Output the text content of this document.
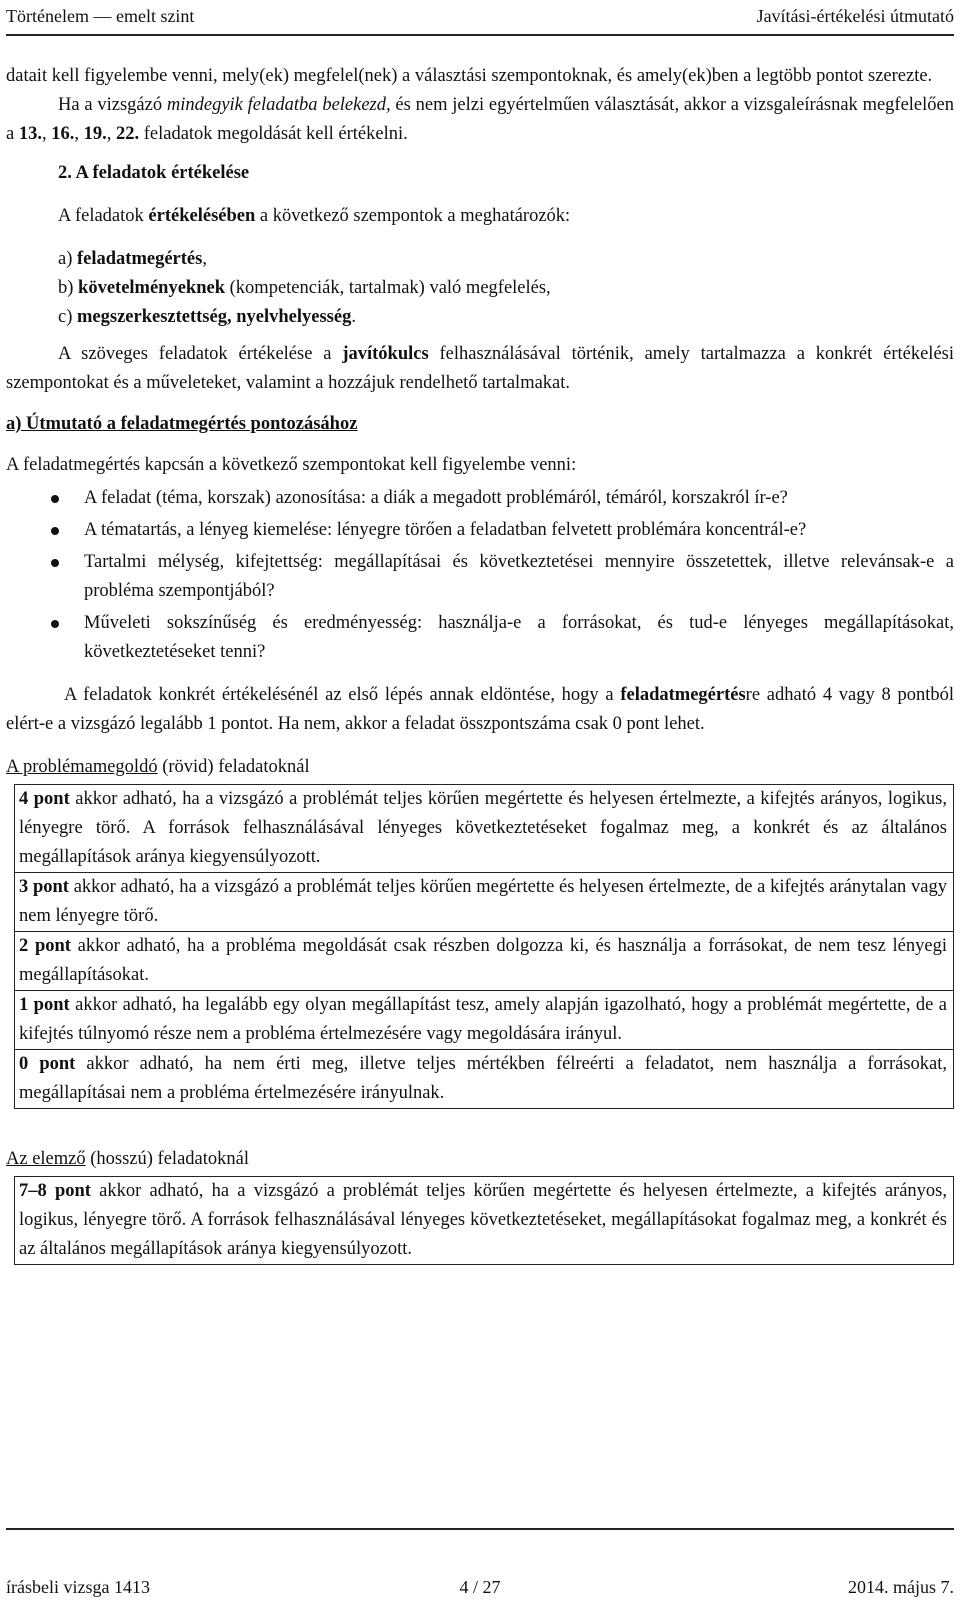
Történelem — emelt szint	Javítási-értékelési útmutató

datait kell figyelembe venni, mely(ek) megfelel(nek) a választási szempontoknak, és amely(ek)ben a legtöbb pontot szerezte.

Ha a vizsgázó mindegyik feladatba belekezd, és nem jelzi egyértelműen választását, akkor a vizsgaleírásnak megfelelően a 13., 16., 19., 22. feladatok megoldását kell értékelni.

2. A feladatok értékelése

A feladatok értékelésében a következő szempontok a meghatározók:

a) feladatmegértés,

b) követelményeknek (kompetenciák, tartalmak) való megfelelés,

c) megszerkesztettség, nyelvhelyesség.

A szöveges feladatok értékelése a javítókulcs felhasználásával történik, amely tartalmazza a konkrét értékelési szempontokat és a műveleteket, valamint a hozzájuk rendelhető tartalmakat.

a) Útmutató a feladatmegértés pontozásához

A feladatmegértés kapcsán a következő szempontokat kell figyelembe venni:

A feladat (téma, korszak) azonosítása: a diák a megadott problémáról, témáról, korszakról ír-e?
A tématartás, a lényeg kiemelése: lényegre törően a feladatban felvetett problémára koncentrál-e?
Tartalmi mélység, kifejtettség: megállapításai és következtetései mennyire összetettek, illetve relevánsak-e a probléma szempontjából?
Műveleti sokszínűség és eredményesség: használja-e a forrásokat, és tud-e lényeges megállapításokat, következtetéseket tenni?

A feladatok konkrét értékelésénél az első lépés annak eldöntése, hogy a feladatmegértésre adható 4 vagy 8 pontból elért-e a vizsgázó legalább 1 pontot. Ha nem, akkor a feladat összpontszáma csak 0 pont lehet.

A problémamegoldó (rövid) feladatoknál

4 pont akkor adható, ha a vizsgázó a problémát teljes körűen megértette és helyesen értelmezte, a kifejtés arányos, logikus, lényegre törő. A források felhasználásával lényeges következtetéseket fogalmaz meg, a konkrét és az általános megállapítások aránya kiegyensúlyozott.
3 pont akkor adható, ha a vizsgázó a problémát teljes körűen megértette és helyesen értelmezte, de a kifejtés aránytalan vagy nem lényegre törő.
2 pont akkor adható, ha a probléma megoldását csak részben dolgozza ki, és használja a forrásokat, de nem tesz lényegi megállapításokat.
1 pont akkor adható, ha legalább egy olyan megállapítást tesz, amely alapján igazolható, hogy a problémát megértette, de a kifejtés túlnyomó része nem a probléma értelmezésére vagy megoldására irányul.
0 pont akkor adható, ha nem érti meg, illetve teljes mértékben félreérti a feladatot, nem használja a forrásokat, megállapításai nem a probléma értelmezésére irányulnak.

Az elemző (hosszú) feladatoknál

7–8 pont akkor adható, ha a vizsgázó a problémát teljes körűen megértette és helyesen értelmezte, a kifejtés arányos, logikus, lényegre törő. A források felhasználásával lényeges következtetéseket, megállapításokat fogalmaz meg, a konkrét és az általános megállapítások aránya kiegyensúlyozott.
írásbeli vizsga 1413	4 / 27	2014. május 7.
